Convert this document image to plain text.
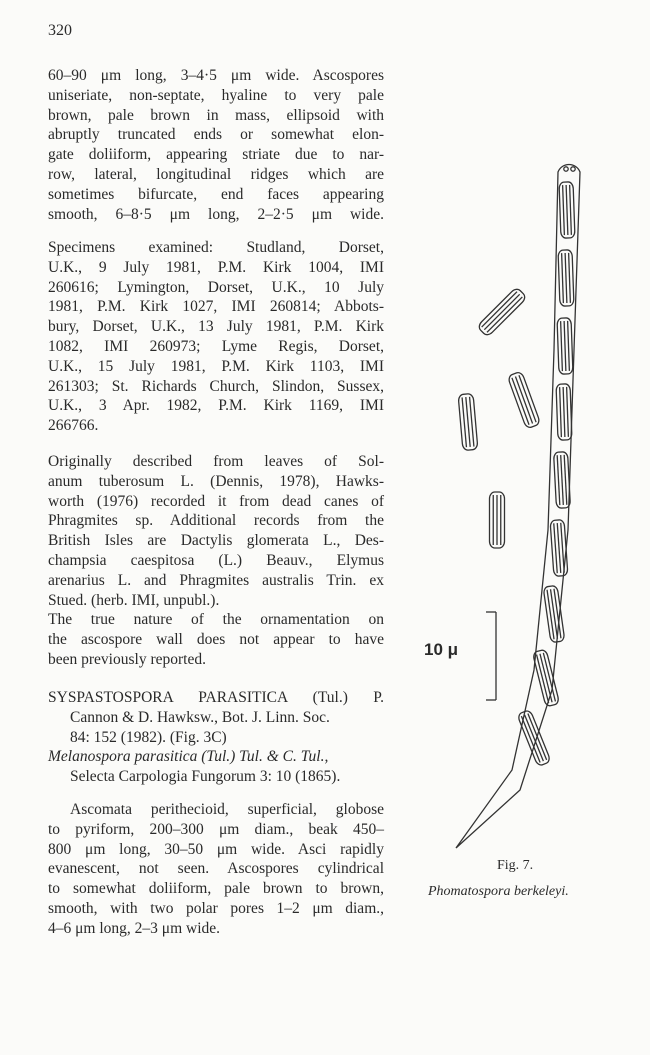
320
60–90 μm long, 3–4·5 μm wide. Ascospores
uniseriate, non-septate, hyaline to very pale
brown, pale brown in mass, ellipsoid with
abruptly truncated ends or somewhat elon-
gate doliiform, appearing striate due to nar-
row, lateral, longitudinal ridges which are
sometimes bifurcate, end faces appearing
smooth, 6–8·5 μm long, 2–2·5 μm wide.
Specimens examined: Studland, Dorset,
U.K., 9 July 1981, P.M. Kirk 1004, IMI
260616; Lymington, Dorset, U.K., 10 July
1981, P.M. Kirk 1027, IMI 260814; Abbots-
bury, Dorset, U.K., 13 July 1981, P.M. Kirk
1082, IMI 260973; Lyme Regis, Dorset,
U.K., 15 July 1981, P.M. Kirk 1103, IMI
261303; St. Richards Church, Slindon, Sussex,
U.K., 3 Apr. 1982, P.M. Kirk 1169, IMI
266766.
Originally described from leaves of Sol-
anum tuberosum L. (Dennis, 1978), Hawks-
worth (1976) recorded it from dead canes of
Phragmites sp. Additional records from the
British Isles are Dactylis glomerata L., Des-
champsia caespitosa (L.) Beauv., Elymus
arenarius L. and Phragmites australis Trin. ex
Stued. (herb. IMI, unpubl.).
The true nature of the ornamentation on
the ascospore wall does not appear to have
been previously reported.
SYSPASTOSPORA PARASITICA (Tul.) P.
Cannon & D. Hawksw., Bot. J. Linn. Soc.
84: 152 (1982). (Fig. 3C)
Melanospora parasitica (Tul.) Tul. & C. Tul.,
Selecta Carpologia Fungorum 3: 10 (1865).
Ascomata perithecioid, superficial, globose
to pyriform, 200–300 μm diam., beak 450–
800 μm long, 30–50 μm wide. Asci rapidly
evanescent, not seen. Ascospores cylindrical
to somewhat doliiform, pale brown to brown,
smooth, with two polar pores 1–2 μm diam.,
4–6 μm long, 2–3 μm wide.
10 μ
Fig. 7.
Phomatospora berkeleyi.
